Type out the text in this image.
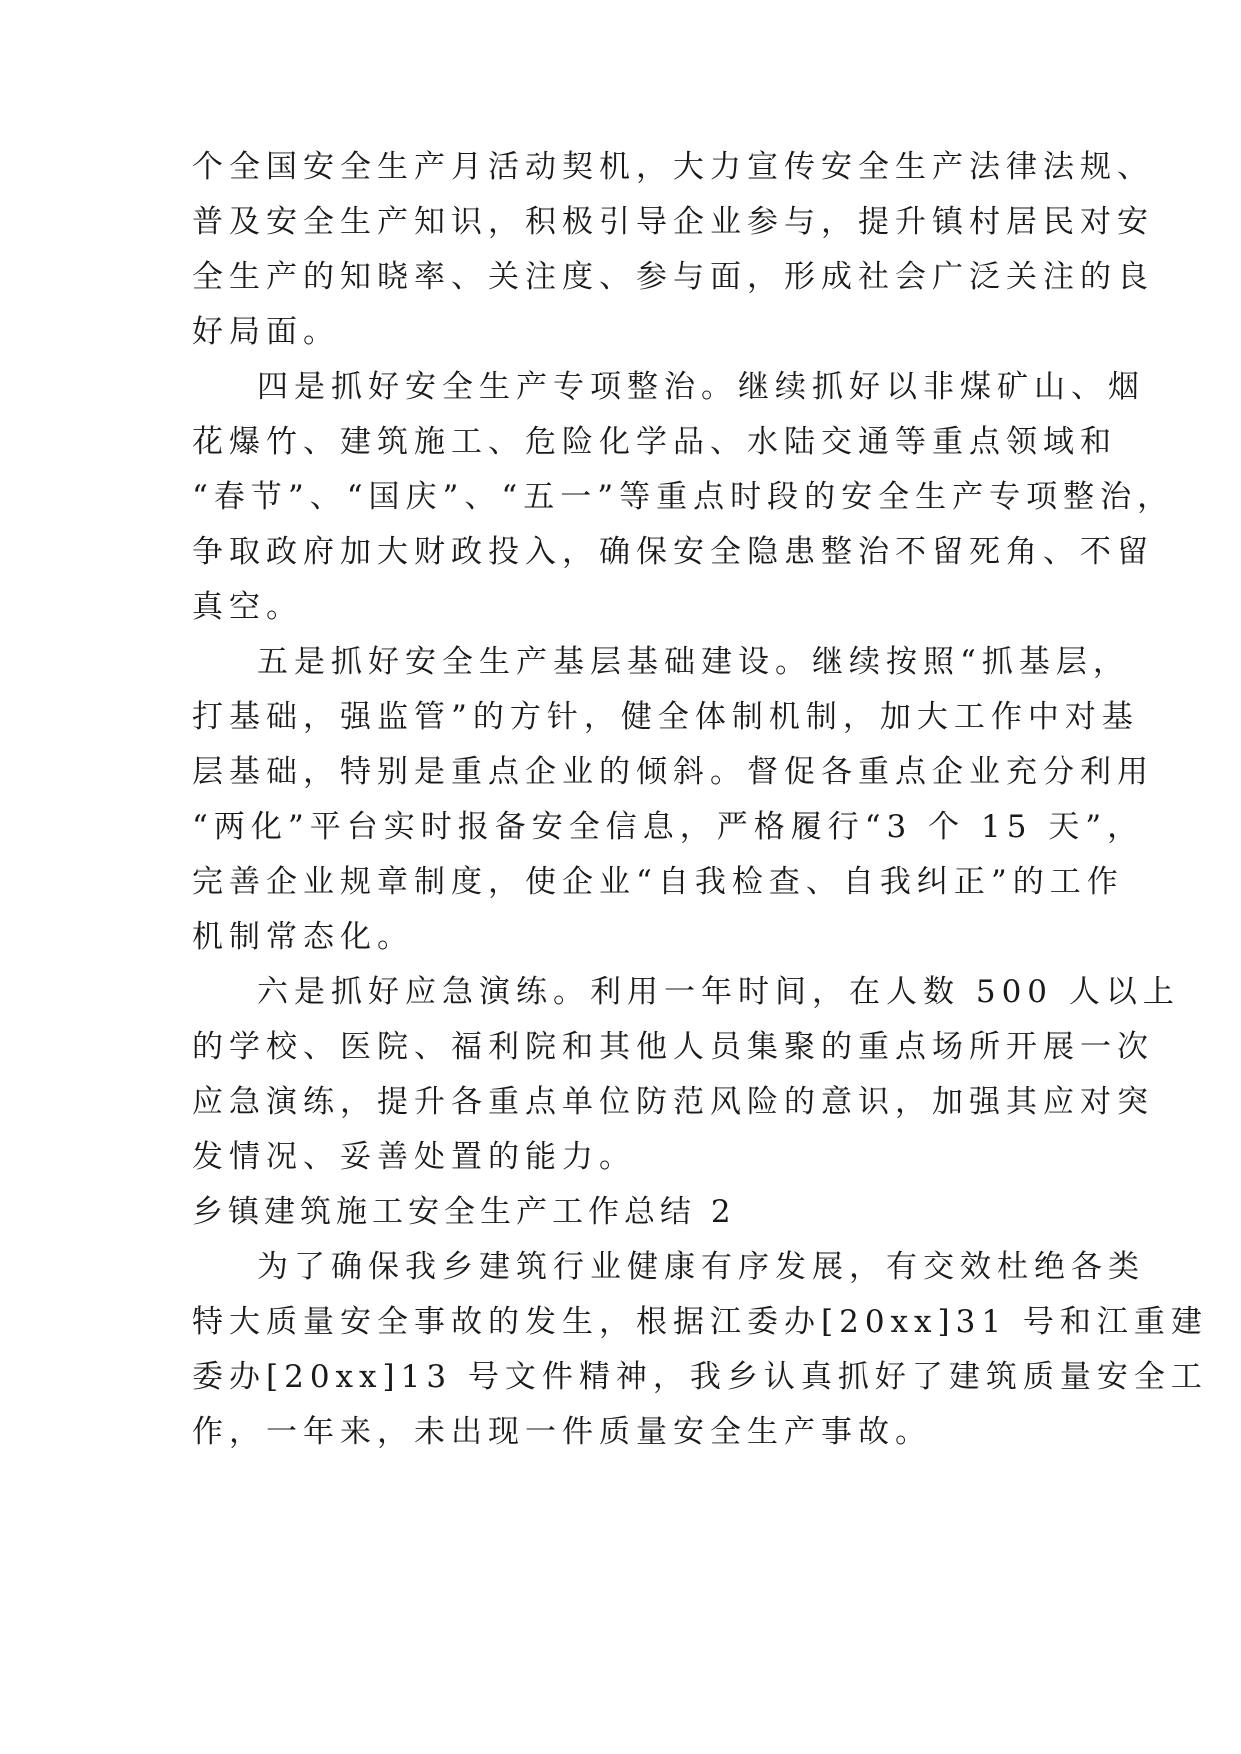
个全国安全生产月活动契机，大力宣传安全生产法律法规、
普及安全生产知识，积极引导企业参与，提升镇村居民对安
全生产的知晓率、关注度、参与面，形成社会广泛关注的良
好局面。
四是抓好安全生产专项整治。继续抓好以非煤矿山、烟
花爆竹、建筑施工、危险化学品、水陆交通等重点领域和
“春节”、“国庆”、“五一”等重点时段的安全生产专项整治，
争取政府加大财政投入，确保安全隐患整治不留死角、不留
真空。
五是抓好安全生产基层基础建设。继续按照“抓基层，
打基础，强监管”的方针，健全体制机制，加大工作中对基
层基础，特别是重点企业的倾斜。督促各重点企业充分利用
“两化”平台实时报备安全信息，严格履行“3 个 15 天”，
完善企业规章制度，使企业“自我检查、自我纠正”的工作
机制常态化。
六是抓好应急演练。利用一年时间，在人数 500 人以上
的学校、医院、福利院和其他人员集聚的重点场所开展一次
应急演练，提升各重点单位防范风险的意识，加强其应对突
发情况、妥善处置的能力。
乡镇建筑施工安全生产工作总结 2
为了确保我乡建筑行业健康有序发展，有交效杜绝各类
特大质量安全事故的发生，根据江委办[20xx]31 号和江重建
委办[20xx]13 号文件精神，我乡认真抓好了建筑质量安全工
作，一年来，未出现一件质量安全生产事故。
